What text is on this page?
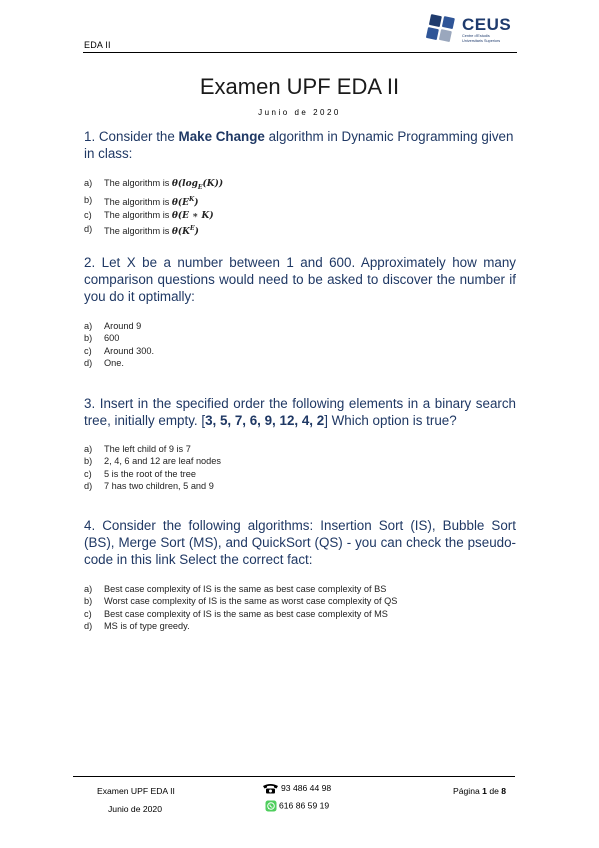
EDA II
CEUS
Centre d'Estudis
Universitaris Superiors
Examen UPF EDA II
Junio de 2020
1. Consider the Make Change algorithm in Dynamic Programming given in class:
a) The algorithm is $\theta(\log_E(K))$
b) The algorithm is $\theta(E^K)$
c) The algorithm is θ(E ∗ K)
d) The algorithm is $\theta(K^E)$
2. Let X be a number between 1 and 600. Approximately how many comparison questions would need to be asked to discover the number if you do it optimally:
a) Around 9
b) 600
c) Around 300.
d) One.
3. Insert in the specified order the following elements in a binary search tree, initially empty. [3, 5, 7, 6, 9, 12, 4, 2] Which option is true?
a) The left child of 9 is 7
b) 2, 4, 6 and 12 are leaf nodes
c) 5 is the root of the tree
d) 7 has two children, 5 and 9
4. Consider the following algorithms: Insertion Sort (IS), Bubble Sort (BS), Merge Sort (MS), and QuickSort (QS) - you can check the pseudo-code in this link Select the correct fact:
a) Best case complexity of IS is the same as best case complexity of BS
b) Worst case complexity of IS is the same as worst case complexity of QS
c) Best case complexity of IS is the same as best case complexity of MS
d) MS is of type greedy.
Examen UPF EDA II
Junio de 2020
93 486 44 98
616 86 59 19
Página 1 de 8
